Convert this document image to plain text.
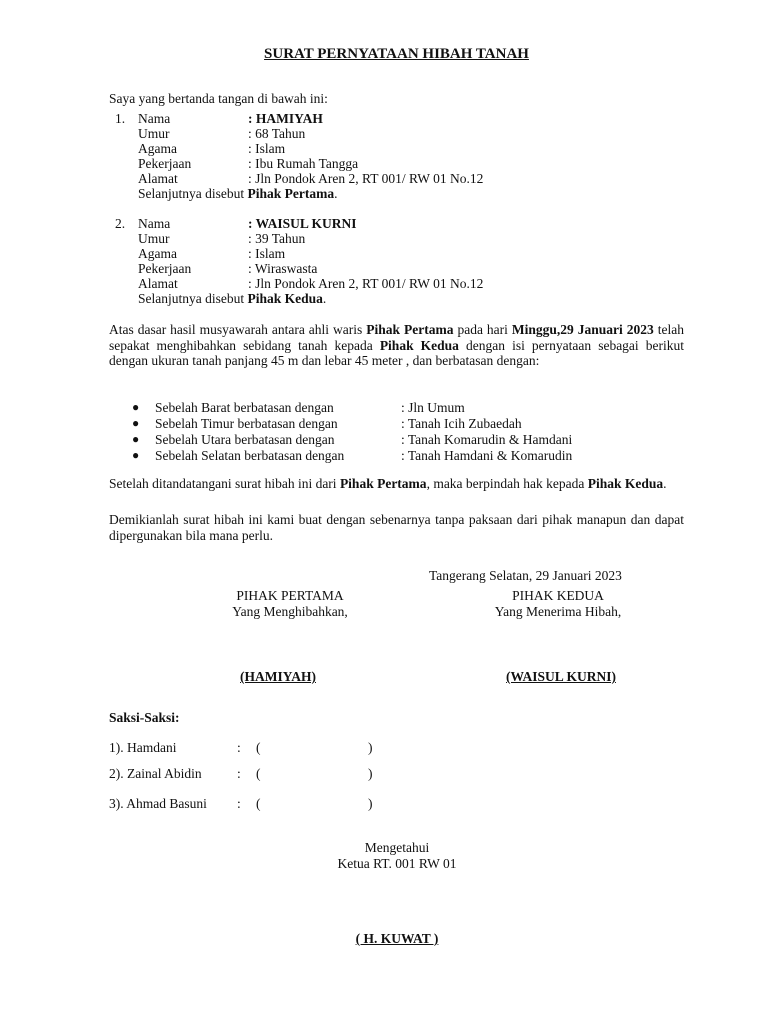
SURAT PERNYATAAN HIBAH TANAH
Saya yang bertanda tangan di bawah ini:
1. Nama	: HAMIYAH
Umur	: 68 Tahun
Agama	: Islam
Pekerjaan	: Ibu Rumah Tangga
Alamat	: Jln Pondok Aren 2, RT 001/ RW 01 No.12
Selanjutnya disebut Pihak Pertama.
2. Nama	: WAISUL KURNI
Umur	: 39 Tahun
Agama	: Islam
Pekerjaan	: Wiraswasta
Alamat	: Jln Pondok Aren 2, RT 001/ RW 01 No.12
Selanjutnya disebut Pihak Kedua.
Atas dasar hasil musyawarah antara ahli waris Pihak Pertama pada hari Minggu,29 Januari 2023 telah sepakat menghibahkan sebidang tanah kepada Pihak Kedua dengan isi pernyataan sebagai berikut dengan ukuran tanah panjang 45 m dan lebar 45 meter , dan berbatasan dengan:
● Sebelah Barat berbatasan dengan	: Jln Umum
● Sebelah Timur berbatasan dengan	: Tanah Icih Zubaedah
● Sebelah Utara berbatasan dengan	: Tanah Komarudin & Hamdani
● Sebelah Selatan berbatasan dengan	: Tanah Hamdani & Komarudin
Setelah ditandatangani surat hibah ini dari Pihak Pertama, maka berpindah hak kepada Pihak Kedua.
Demikianlah surat hibah ini kami buat dengan sebenarnya tanpa paksaan dari pihak manapun dan dapat dipergunakan bila mana perlu.
Tangerang Selatan, 29 Januari 2023
PIHAK PERTAMA
Yang Menghibahkan,
PIHAK KEDUA
Yang Menerima Hibah,
(HAMIYAH)	(WAISUL KURNI)
Saksi-Saksi:
1). Hamdani	: (	)
2). Zainal Abidin	: (	)
3). Ahmad Basuni : (	)
Mengetahui
Ketua RT. 001 RW 01
( H. KUWAT )
